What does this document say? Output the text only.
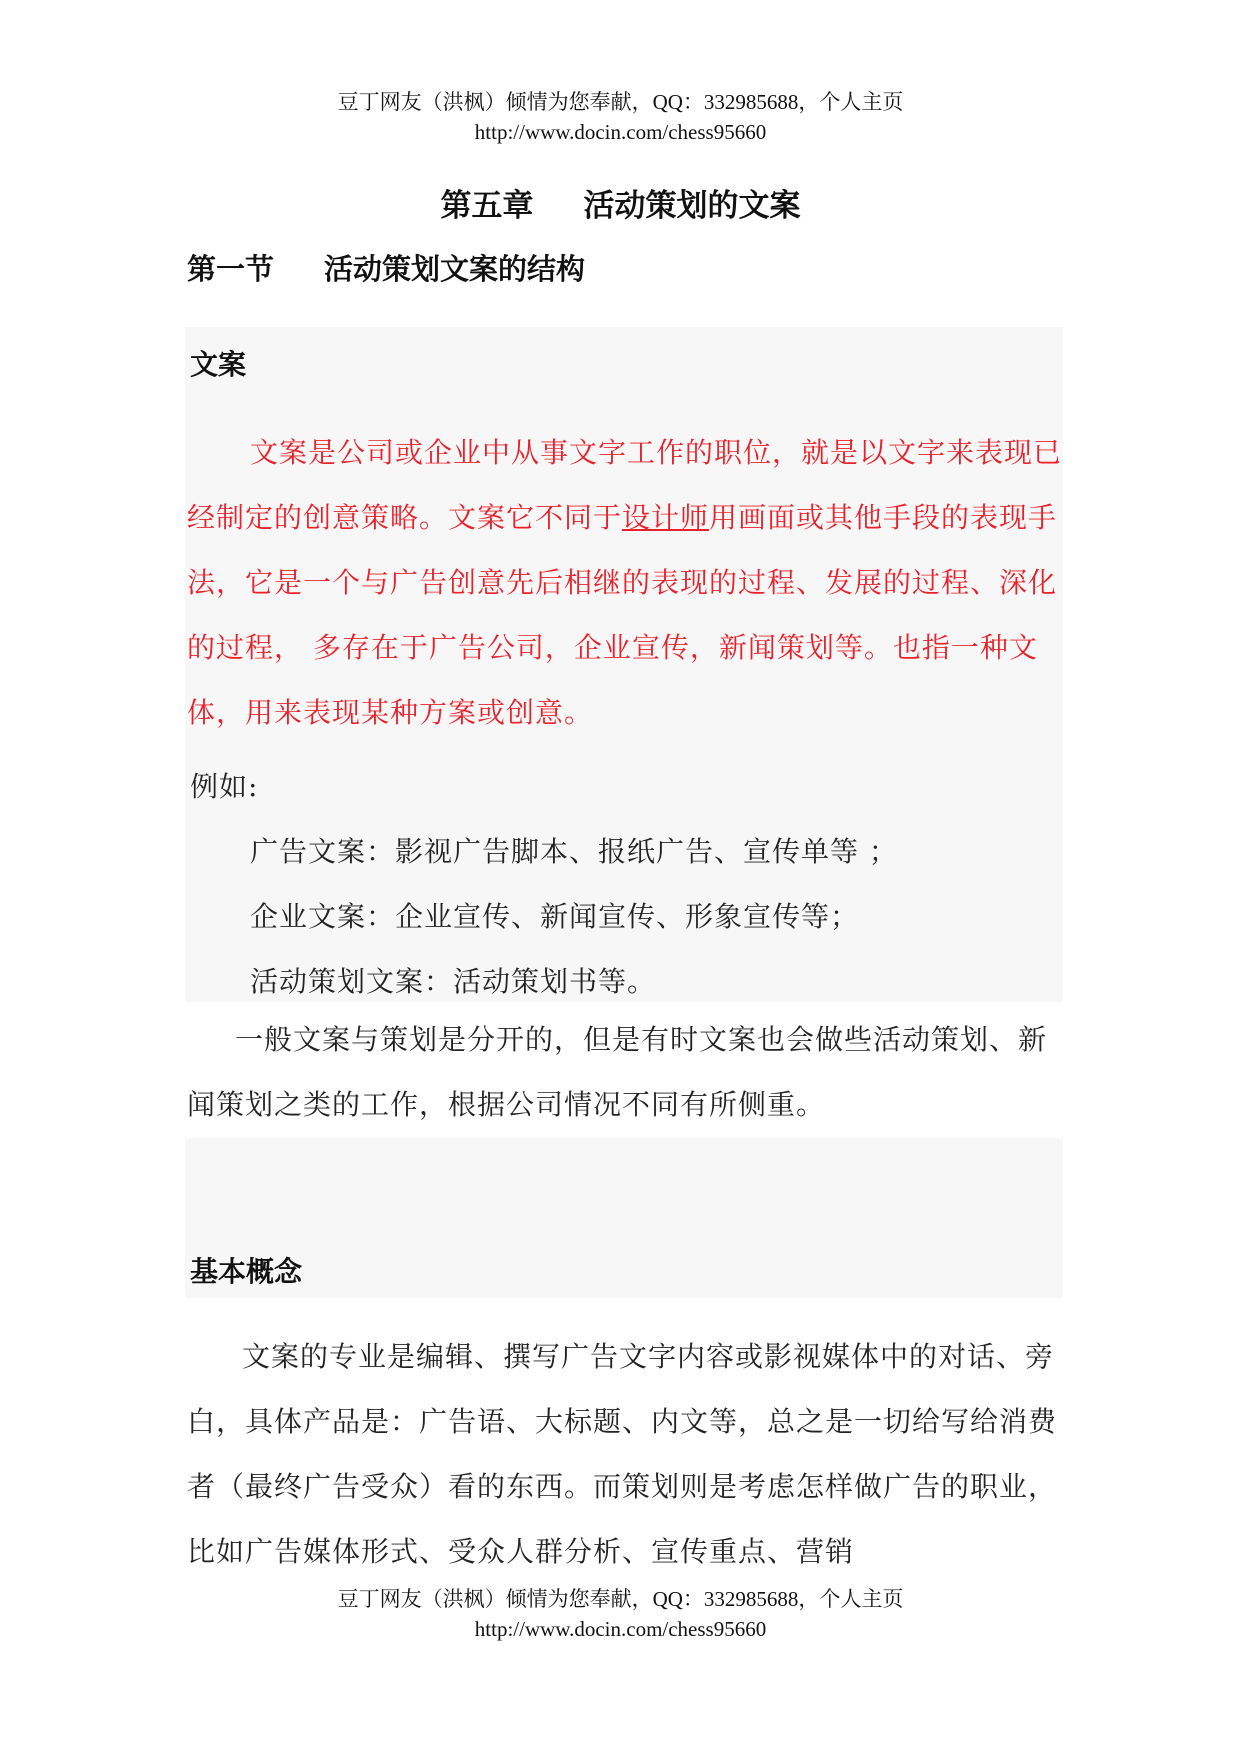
豆丁网友（洪枫）倾情为您奉献，QQ：332985688，个人主页
http://www.docin.com/chess95660
第五章 活动策划的文案
第一节 活动策划文案的结构
文案
文案是公司或企业中从事文字工作的职位，就是以文字来表现已经制定的创意策略。文案它不同于设计师用画面或其他手段的表现手法，它是一个与广告创意先后相继的表现的过程、发展的过程、深化的过程， 多存在于广告公司，企业宣传，新闻策划等。也指一种文体，用来表现某种方案或创意。
例如:
广告文案：影视广告脚本、报纸广告、宣传单等 ；
企业文案：企业宣传、新闻宣传、形象宣传等；
活动策划文案：活动策划书等。
一般文案与策划是分开的，但是有时文案也会做些活动策划、新闻策划之类的工作，根据公司情况不同有所侧重。
基本概念
文案的专业是编辑、撰写广告文字内容或影视媒体中的对话、旁白，具体产品是：广告语、大标题、内文等，总之是一切给写给消费者（最终广告受众）看的东西。而策划则是考虑怎样做广告的职业，比如广告媒体形式、受众人群分析、宣传重点、营销
豆丁网友（洪枫）倾情为您奉献，QQ：332985688，个人主页
http://www.docin.com/chess95660
